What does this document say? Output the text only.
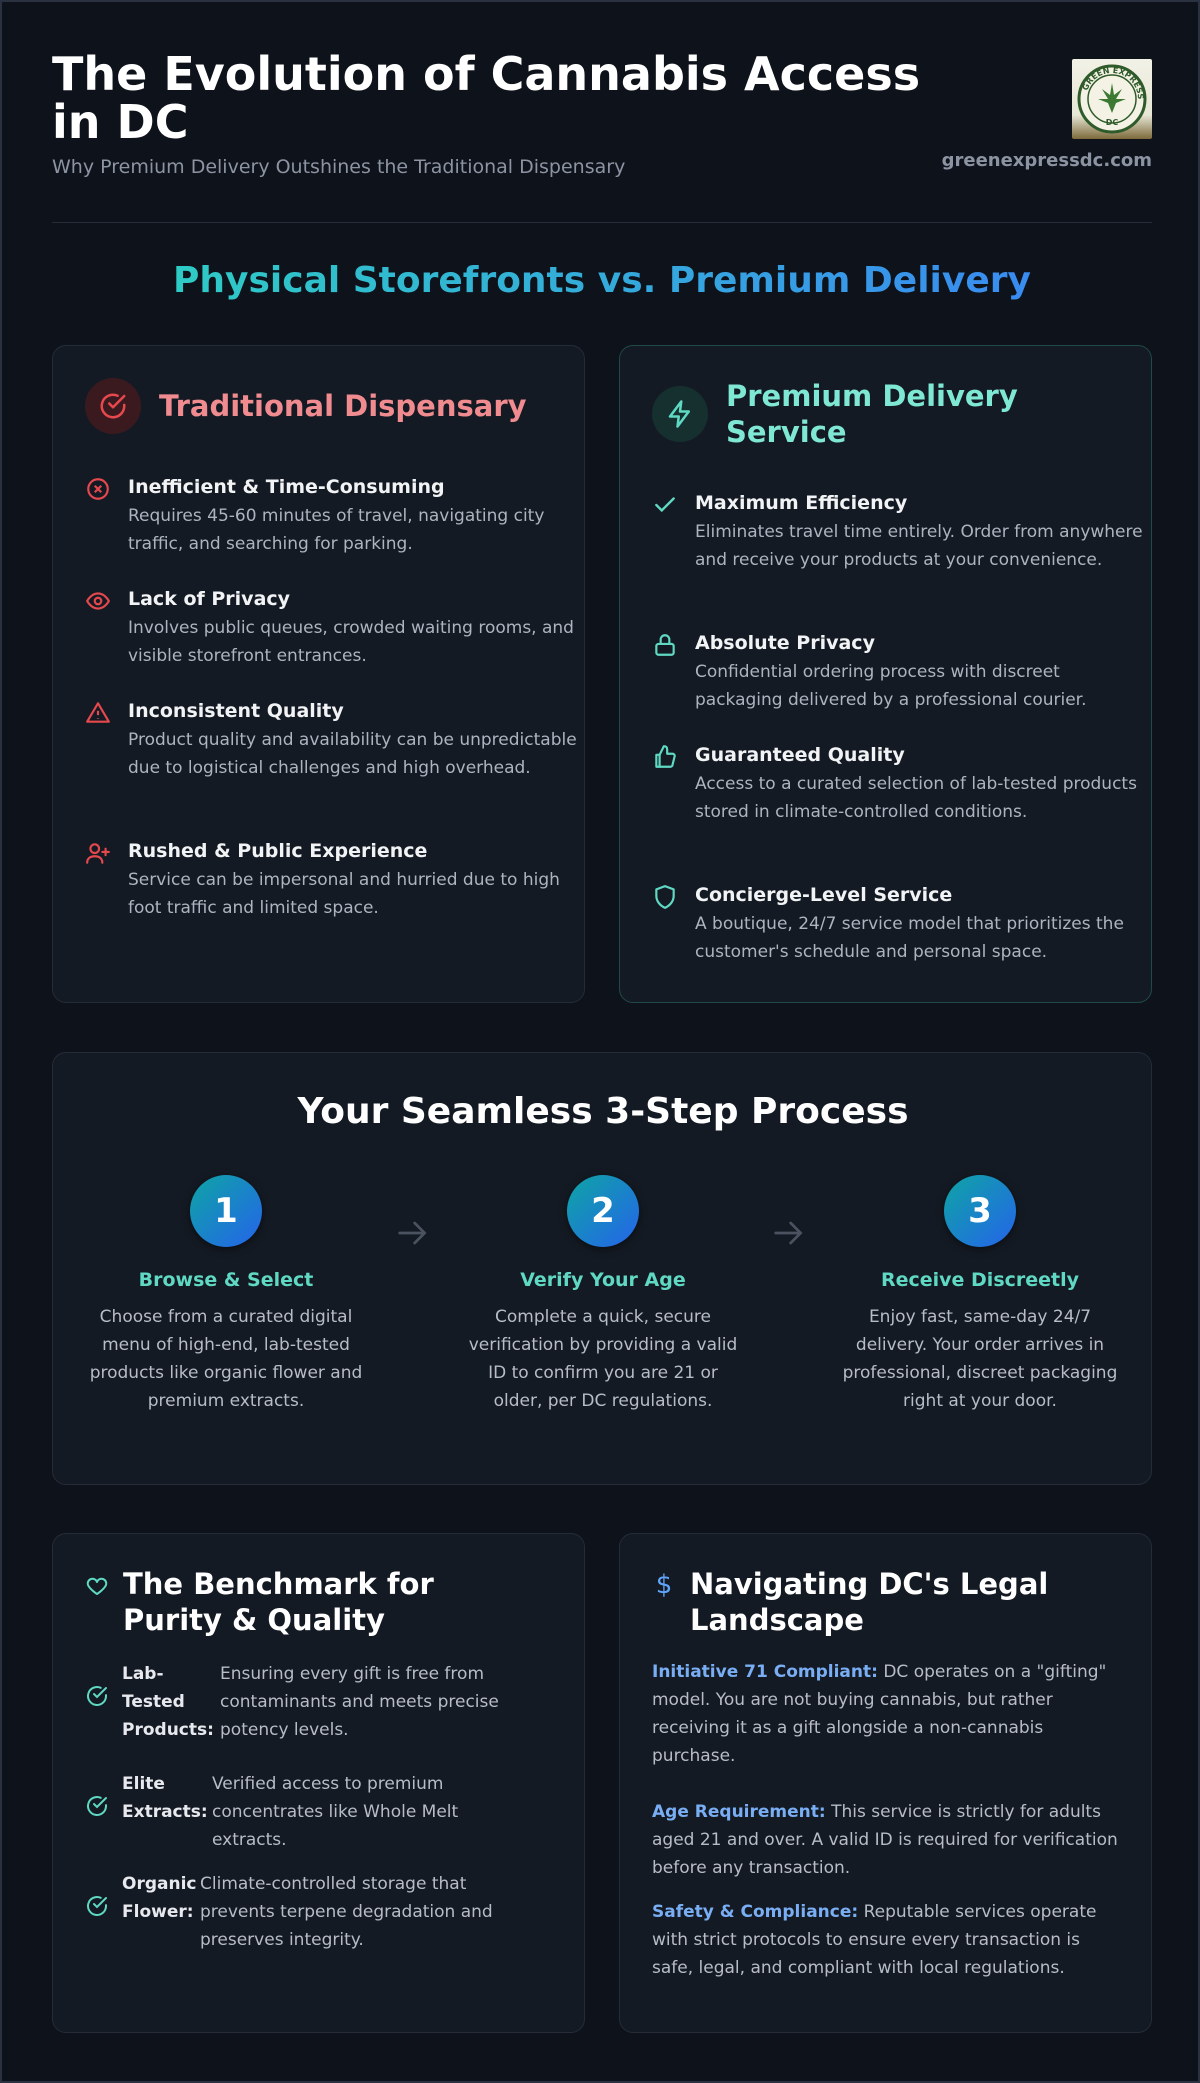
The Evolution of Cannabis Access in DC
Why Premium Delivery Outshines the Traditional Dispensary
GREEN EXPRESS
DC
greenexpressdc.com
Physical Storefronts vs. Premium Delivery
Traditional Dispensary
Inefficient & Time-Consuming
Requires 45-60 minutes of travel, navigating city traffic, and searching for parking.
Lack of Privacy
Involves public queues, crowded waiting rooms, and visible storefront entrances.
Inconsistent Quality
Product quality and availability can be unpredictable due to logistical challenges and high overhead.
Rushed & Public Experience
Service can be impersonal and hurried due to high foot traffic and limited space.
Premium Delivery Service
Maximum Efficiency
Eliminates travel time entirely. Order from anywhere and receive your products at your convenience.
Absolute Privacy
Confidential ordering process with discreet packaging delivered by a professional courier.
Guaranteed Quality
Access to a curated selection of lab-tested products stored in climate-controlled conditions.
Concierge-Level Service
A boutique, 24/7 service model that prioritizes the customer's schedule and personal space.
Your Seamless 3-Step Process
1
Browse & Select
Choose from a curated digital menu of high-end, lab-tested products like organic flower and premium extracts.
2
Verify Your Age
Complete a quick, secure verification by providing a valid ID to confirm you are 21 or older, per DC regulations.
3
Receive Discreetly
Enjoy fast, same-day 24/7 delivery. Your order arrives in professional, discreet packaging right at your door.
The Benchmark for Purity & Quality
Lab-Tested Products:
Ensuring every gift is free from contaminants and meets precise potency levels.
Elite Extracts:
Verified access to premium concentrates like Whole Melt extracts.
Organic Flower:
Climate-controlled storage that prevents terpene degradation and preserves integrity.
$ Navigating DC's Legal Landscape
Initiative 71 Compliant: DC operates on a "gifting" model. You are not buying cannabis, but rather receiving it as a gift alongside a non-cannabis purchase.
Age Requirement: This service is strictly for adults aged 21 and over. A valid ID is required for verification before any transaction.
Safety & Compliance: Reputable services operate with strict protocols to ensure every transaction is safe, legal, and compliant with local regulations.
